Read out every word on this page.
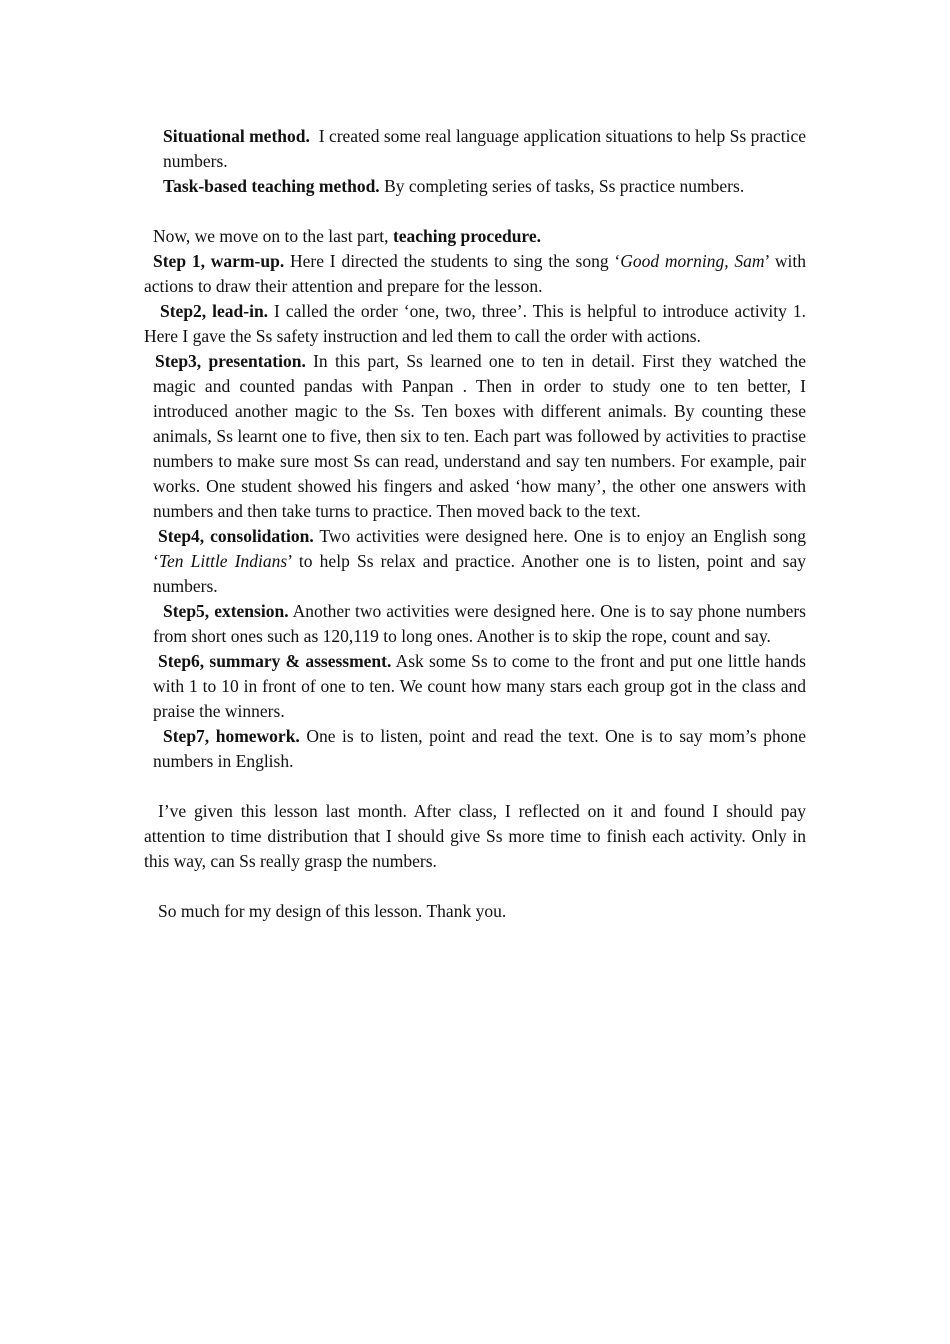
Situational method.  I created some real language application situations to help Ss practice numbers.

Task-based teaching method. By completing series of tasks, Ss practice numbers.

Now, we move on to the last part, teaching procedure.

Step 1, warm-up. Here I directed the students to sing the song ‘Good morning, Sam’ with actions to draw their attention and prepare for the lesson.

Step2, lead-in. I called the order ‘one, two, three’. This is helpful to introduce activity 1. Here I gave the Ss safety instruction and led them to call the order with actions.

Step3, presentation. In this part, Ss learned one to ten in detail. First they watched the magic and counted pandas with Panpan . Then in order to study one to ten better, I introduced another magic to the Ss. Ten boxes with different animals. By counting these animals, Ss learnt one to five, then six to ten. Each part was followed by activities to practise numbers to make sure most Ss can read, understand and say ten numbers. For example, pair works. One student showed his fingers and asked ‘how many’, the other one answers with numbers and then take turns to practice. Then moved back to the text.

Step4, consolidation. Two activities were designed here. One is to enjoy an English song ‘Ten Little Indians’ to help Ss relax and practice. Another one is to listen, point and say numbers.

Step5, extension. Another two activities were designed here. One is to say phone numbers from short ones such as 120,119 to long ones. Another is to skip the rope, count and say.

Step6, summary & assessment. Ask some Ss to come to the front and put one little hands with 1 to 10 in front of one to ten. We count how many stars each group got in the class and praise the winners.

Step7, homework. One is to listen, point and read the text. One is to say mom’s phone numbers in English.

I’ve given this lesson last month. After class, I reflected on it and found I should pay attention to time distribution that I should give Ss more time to finish each activity. Only in this way, can Ss really grasp the numbers.

So much for my design of this lesson. Thank you.
